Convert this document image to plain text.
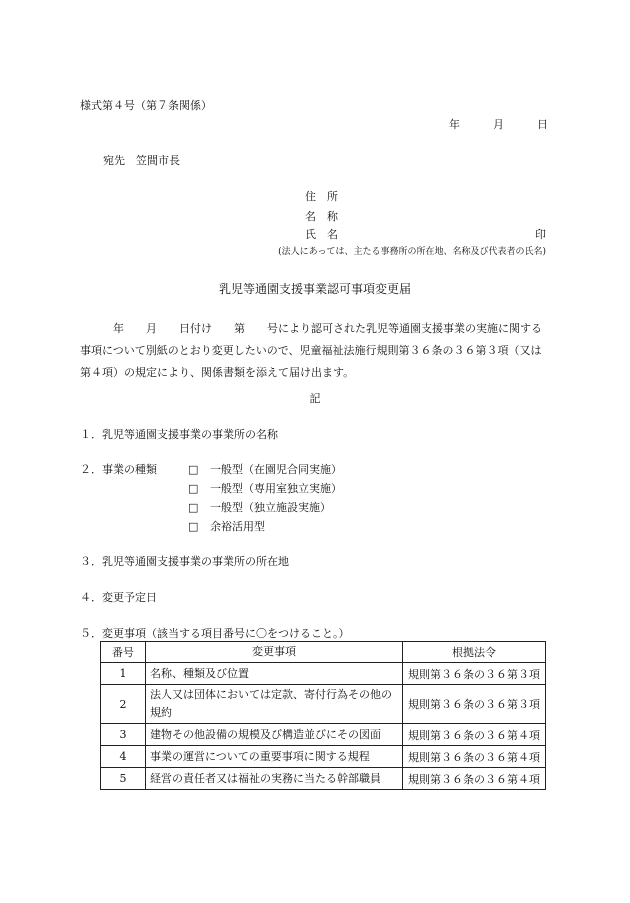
様式第４号（第７条関係）
年	月	日
宛先　笠間市長
住　所
名　称
氏　名	印
(法人にあっては、主たる事務所の所在地、名称及び代表者の氏名)
乳児等通園支援事業認可事項変更届
　　　年　　月　　日付け　　第　　号により認可された乳児等通園支援事業の実施に関する事項について別紙のとおり変更したいので、児童福祉法施行規則第３６条の３６第３項（又は第４項）の規定により、関係書類を添えて届け出ます。
記
１．乳児等通園支援事業の事業所の名称
２．事業の種類	□ 一般型（在園児合同実施）
□ 一般型（専用室独立実施）
□ 一般型（独立施設実施）
□ 余裕活用型
３．乳児等通園支援事業の事業所の所在地
４．変更予定日
５．変更事項（該当する項目番号に〇をつけること。）
番号	変更事項	根拠法令
1	名称、種類及び位置	規則第３６条の３６第３項
2	法人又は団体においては定款、寄付行為その他の規約	規則第３６条の３６第３項
3	建物その他設備の規模及び構造並びにその図面	規則第３６条の３６第４項
4	事業の運営についての重要事項に関する規程	規則第３６条の３６第４項
5	経営の責任者又は福祉の実務に当たる幹部職員	規則第３６条の３６第４項
